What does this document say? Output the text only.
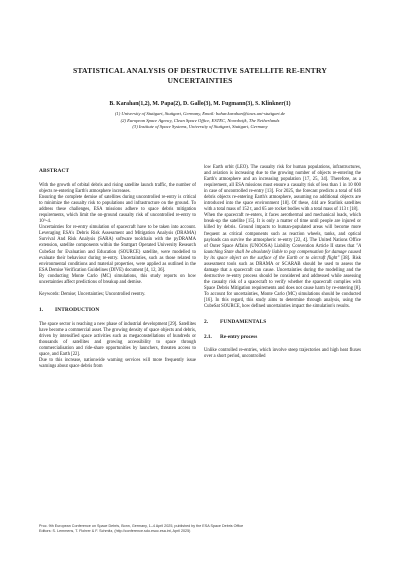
STATISTICAL ANALYSIS OF DESTRUCTIVE SATELLITE RE-ENTRY
UNCERTAINTIES
B. Karahan(1,2), M. Papa(2), D. Gallo(3), M. Fugmann(3), S. Klinkner(1)
(1) University of Stuttgart, Stuttgart, Germany, Email: bahar.karahan@iaws.uni-stuttgart.de
(2) European Space Agency, Clean Space Office, ESTEC, Noordwijk, The Netherlands
(3) Institute of Space Systems, University of Stuttgart, Stuttgart, Germany
ABSTRACT

With the growth of orbital debris and rising satellite launch traffic, the number of objects re-entering Earth's atmosphere increases.

Ensuring the complete demise of satellites during uncontrolled re-entry is critical to minimize the casualty risk to populations and infrastructure on the ground. To address these challenges, ESA missions adhere to space debris mitigation requirements, which limit the on-ground casualty risk of uncontrolled re-entry to 10^-4.

Uncertainties for re-entry simulation of spacecraft have to be taken into account. Leveraging ESA's Debris Risk Assessment and Mitigation Analysis (DRAMA) Survival And Risk Analysis (SARA) software toolchain with the pyDRAMA extension, satellite components within the Stuttgart Operated University Research CubeSat for Evaluation and Education (SOURCE) satellite, were modelled to evaluate their behaviour during re-entry. Uncertainties, such as those related to environmental conditions and material properties, were applied as outlined in the ESA Demise Verification Guidelines (DIVE) document [4, 12, 36].

By conducting Monte Carlo (MC) simulations, this study reports on how uncertainties affect predictions of breakup and demise.

Keywords: Demise; Uncertainties; Uncontrolled reentry.

1. INTRODUCTION

The space sector is reaching a new phase of industrial development [29]. Satellites have become a commercial asset. The growing density of space objects and debris, driven by intensified space activities such as megaconstellations of hundreds or thousands of satellites and growing accessibility to space through commercialisation and ride-share opportunities by launchers, threaten access to space, and Earth [22].

Due to this increase, nationwide warning services will more frequently issue warnings about space debris from

low Earth orbit (LEO). The casualty risk for human populations, infrastructures, and aviation is increasing due to the growing number of objects re-entering the Earth's atmosphere and an increasing population [17, 25, 34]. Therefore, as a requirement, all ESA missions must ensure a casualty risk of less than 1 in 10 000 in case of uncontrolled re-entry [13]. For 2025, the forecast predicts a total of 646 debris objects re-entering Earth's atmosphere, assuming no additional objects are introduced into the space environment [18]. Of these, 444 are Starlink satellites with a total mass of 152 t, and 65 are rocket bodies with a total mass of 113 t [18].

When the spacecraft re-enters, it faces aerothermal and mechanical loads, which break-up the satellite [15]. It is only a matter of time until people are injured or killed by debris. Ground impacts to human-populated areas will become more frequent as critical components such as reaction wheels, tanks, and optical payloads can survive the atmospheric re-entry [22, 4]. The United Nations Office of Outer Space Affairs (UNOOSA) Liability Convention Article II states that "A launching State shall be absolutely liable to pay compensation for damage caused by its space object on the surface of the Earth or to aircraft flight" [38]. Risk assessment tools such as DRAMA or SCARAB should be used to assess the damage that a spacecraft can cause. Uncertainties during the modelling and the destructive re-entry process should be considered and addressed while assessing the casualty risk of a spacecraft to verify whether the spacecraft complies with Space Debris Mitigation requirements and does not cause harm by re-entering [8]. To account for uncertainties, Monte Carlo (MC) simulations should be conducted [16]. In this regard, this study aims to determine through analysis, using the CubeSat SOURCE, how defined uncertainties impact the simulation's results.

2. FUNDAMENTALS
2.1. Re-entry process

Unlike controlled re-entries, which involve steep trajectories and high heat fluxes over a short period, uncontrolled

Proc. 9th European Conference on Space Debris, Bonn, Germany, 1–4 April 2025, published by the ESA Space Debris Office
Editors: S. Lemmens, T. Flohrer & F. Schmitz, (http://conference.sdo.esoc.esa.int, April 2025)
